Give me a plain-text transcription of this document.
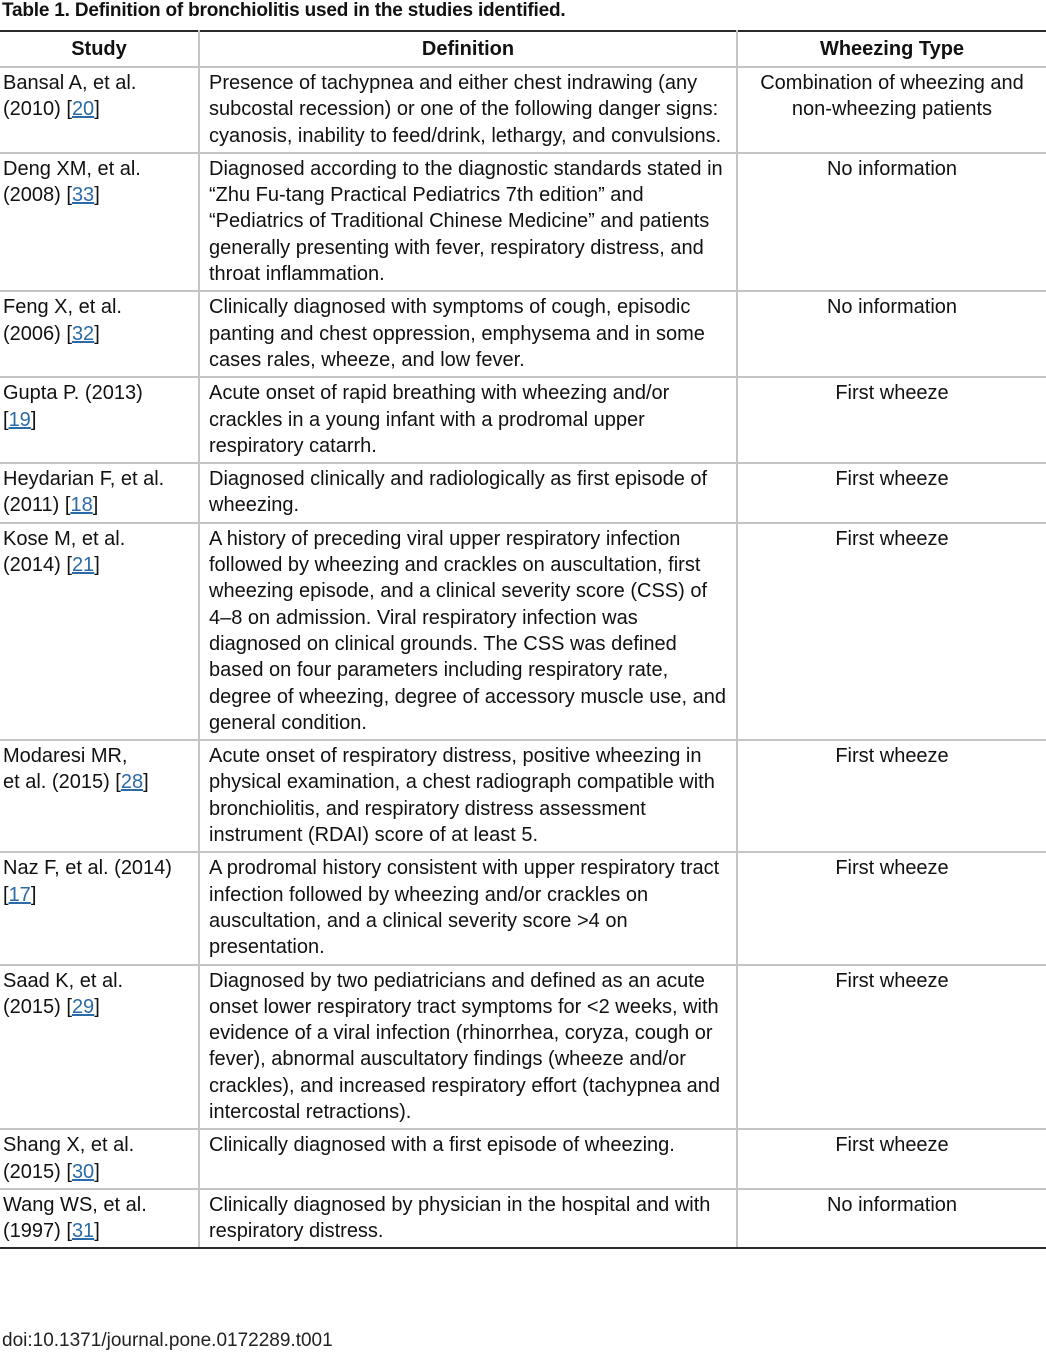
Table 1. Definition of bronchiolitis used in the studies identified.
Study	Definition	Wheezing Type
Bansal A, et al.
(2010) [20]	Presence of tachypnea and either chest indrawing (any subcostal recession) or one of the following danger signs: cyanosis, inability to feed/drink, lethargy, and convulsions.	Combination of wheezing and non-wheezing patients
Deng XM, et al.
(2008) [33]	Diagnosed according to the diagnostic standards stated in “Zhu Fu-tang Practical Pediatrics 7th edition” and “Pediatrics of Traditional Chinese Medicine” and patients generally presenting with fever, respiratory distress, and throat inflammation.	No information
Feng X, et al.
(2006) [32]	Clinically diagnosed with symptoms of cough, episodic panting and chest oppression, emphysema and in some cases rales, wheeze, and low fever.	No information
Gupta P. (2013)
[19]	Acute onset of rapid breathing with wheezing and/or crackles in a young infant with a prodromal upper respiratory catarrh.	First wheeze
Heydarian F, et al.
(2011) [18]	Diagnosed clinically and radiologically as first episode of wheezing.	First wheeze
Kose M, et al.
(2014) [21]	A history of preceding viral upper respiratory infection followed by wheezing and crackles on auscultation, first wheezing episode, and a clinical severity score (CSS) of 4–8 on admission. Viral respiratory infection was diagnosed on clinical grounds. The CSS was defined based on four parameters including respiratory rate, degree of wheezing, degree of accessory muscle use, and general condition.	First wheeze
Modaresi MR,
et al. (2015) [28]	Acute onset of respiratory distress, positive wheezing in physical examination, a chest radiograph compatible with bronchiolitis, and respiratory distress assessment instrument (RDAI) score of at least 5.	First wheeze
Naz F, et al. (2014)
[17]	A prodromal history consistent with upper respiratory tract infection followed by wheezing and/or crackles on auscultation, and a clinical severity score >4 on presentation.	First wheeze
Saad K, et al.
(2015) [29]	Diagnosed by two pediatricians and defined as an acute onset lower respiratory tract symptoms for <2 weeks, with evidence of a viral infection (rhinorrhea, coryza, cough or fever), abnormal auscultatory findings (wheeze and/or crackles), and increased respiratory effort (tachypnea and intercostal retractions).	First wheeze
Shang X, et al.
(2015) [30]	Clinically diagnosed with a first episode of wheezing.	First wheeze
Wang WS, et al.
(1997) [31]	Clinically diagnosed by physician in the hospital and with respiratory distress.	No information
doi:10.1371/journal.pone.0172289.t001
